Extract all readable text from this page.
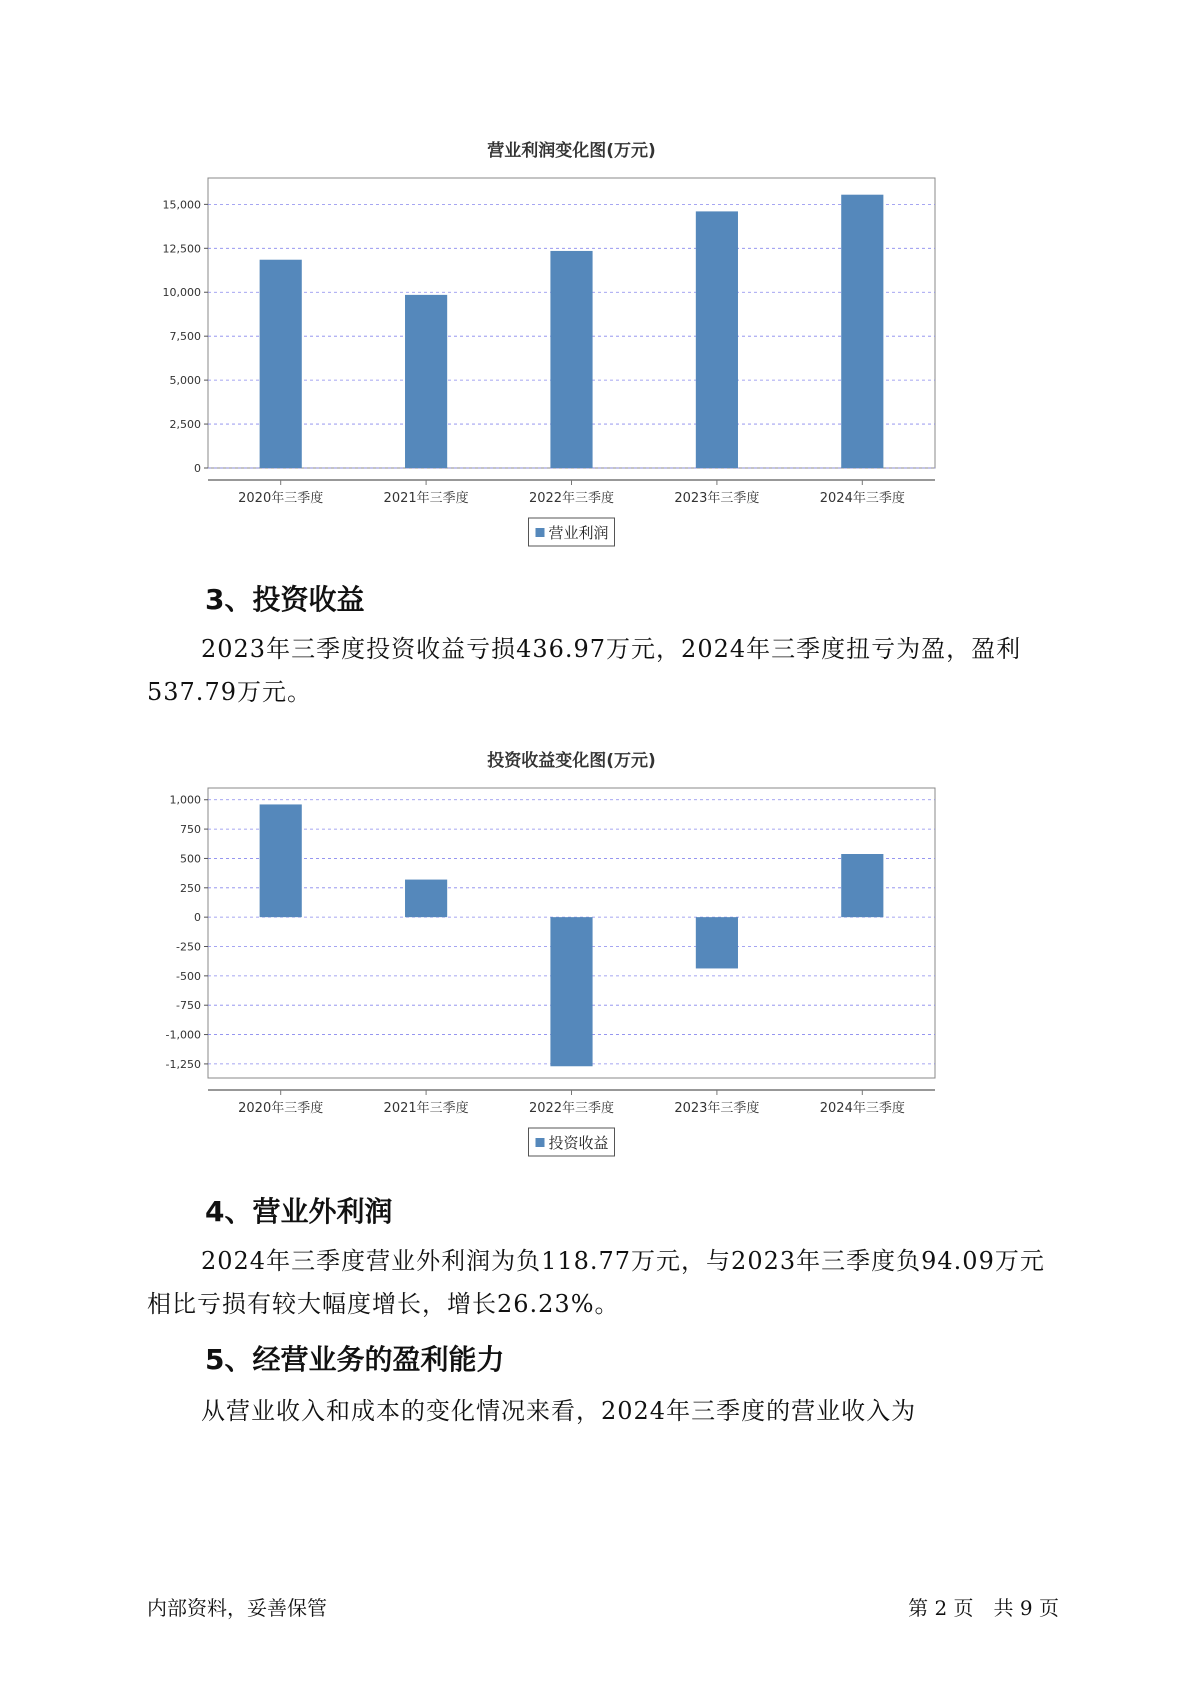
营业利润变化图(万元)
0
2,500
5,000
7,500
10,000
12,500
15,000
2020年三季度	2021年三季度	2022年三季度	2023年三季度	2024年三季度
营业利润
3、投资收益

2023年三季度投资收益亏损436.97万元，2024年三季度扭亏为盈，盈利537.79万元。

投资收益变化图(万元)
-1,250
-1,000
-750
-500
-250
0
250
500
750
1,000
2020年三季度	2021年三季度	2022年三季度	2023年三季度	2024年三季度
投资收益
4、营业外利润

2024年三季度营业外利润为负118.77万元，与2023年三季度负94.09万元相比亏损有较大幅度增长，增长26.23%。

5、经营业务的盈利能力

从营业收入和成本的变化情况来看，2024年三季度的营业收入为

内部资料，妥善保管	第 2 页　共 9 页
